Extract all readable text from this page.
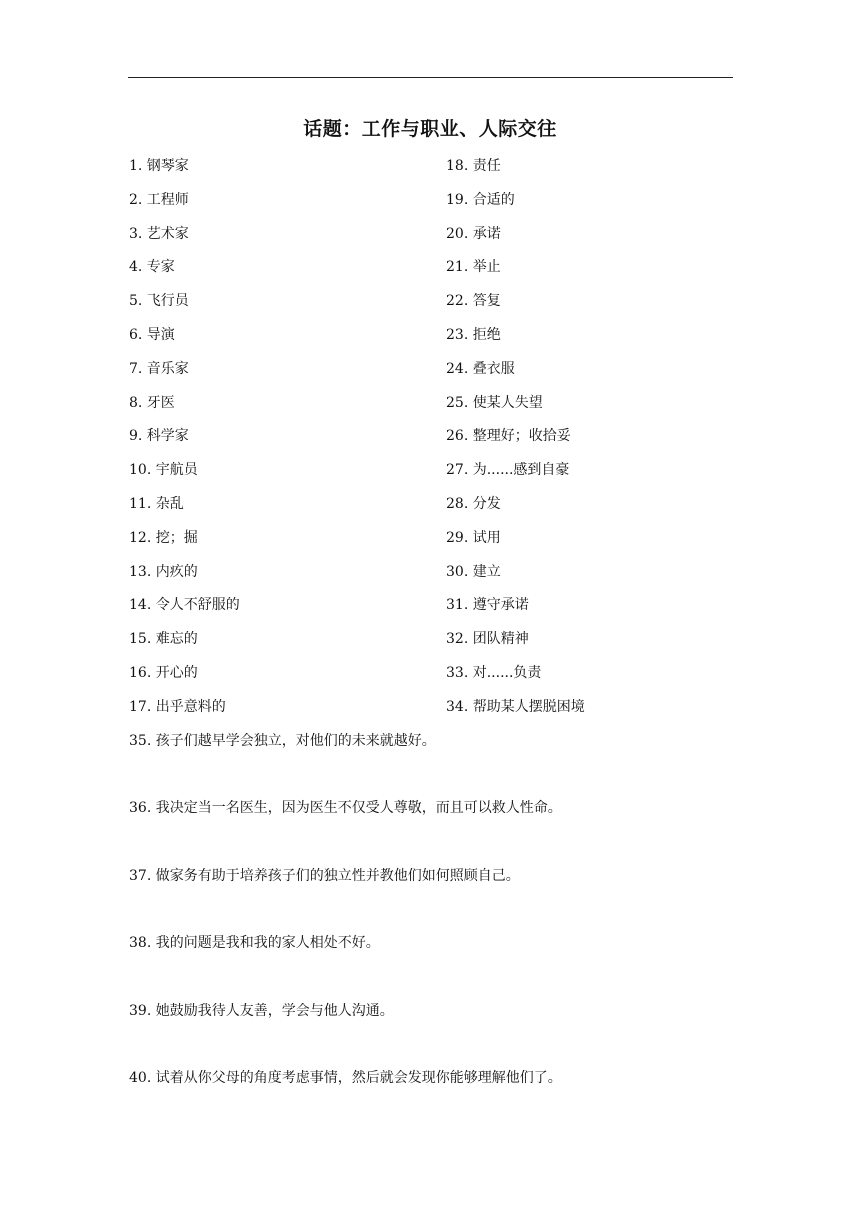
话题：工作与职业、人际交往
1. 钢琴家
2. 工程师
3. 艺术家
4. 专家
5. 飞行员
6. 导演
7. 音乐家
8. 牙医
9. 科学家
10. 宇航员
11. 杂乱
12. 挖；掘
13. 内疚的
14. 令人不舒服的
15. 难忘的
16. 开心的
17. 出乎意料的
18. 责任
19. 合适的
20. 承诺
21. 举止
22. 答复
23. 拒绝
24. 叠衣服
25. 使某人失望
26. 整理好；收拾妥
27. 为......感到自豪
28. 分发
29. 试用
30. 建立
31. 遵守承诺
32. 团队精神
33. 对......负责
34. 帮助某人摆脱困境
35. 孩子们越早学会独立，对他们的未来就越好。
36. 我决定当一名医生，因为医生不仅受人尊敬，而且可以救人性命。
37. 做家务有助于培养孩子们的独立性并教他们如何照顾自己。
38. 我的问题是我和我的家人相处不好。
39. 她鼓励我待人友善，学会与他人沟通。
40. 试着从你父母的角度考虑事情，然后就会发现你能够理解他们了。
